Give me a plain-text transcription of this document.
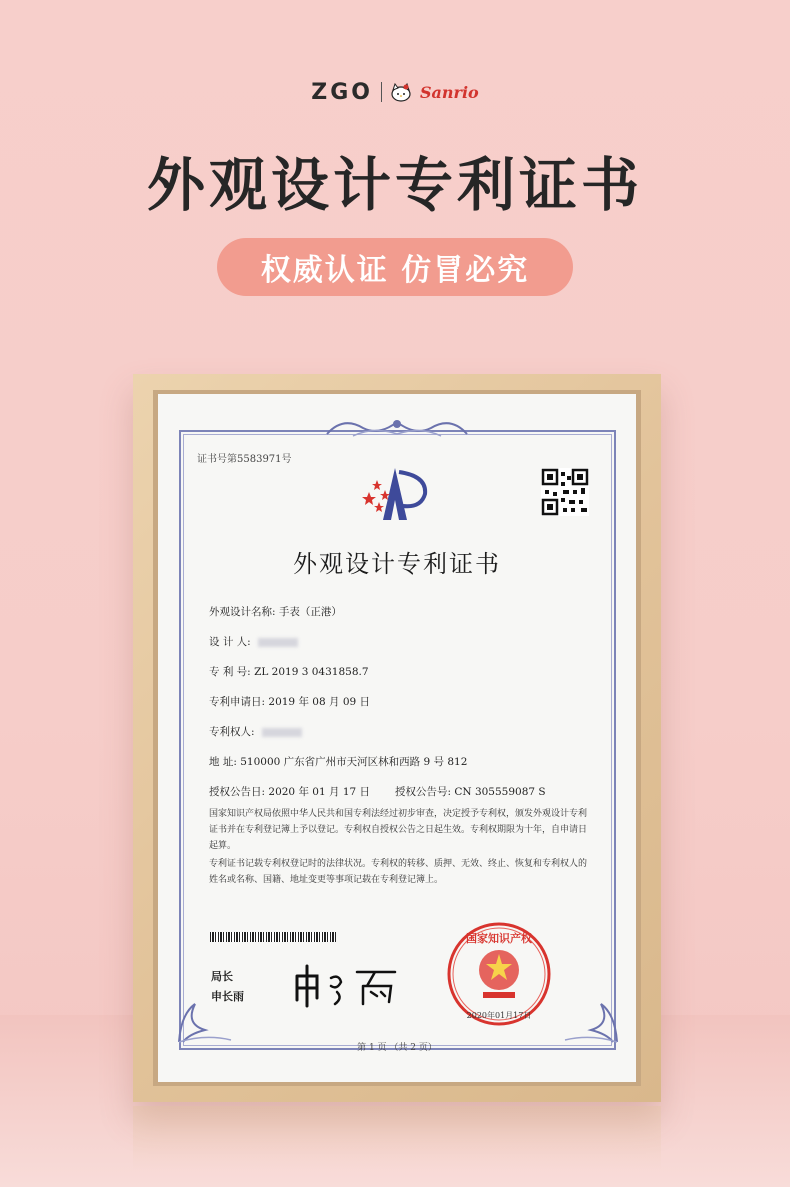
ZGO	Sanrio
外观设计专利证书
权威认证 仿冒必究
证书号第5583971号
外观设计专利证书
外观设计名称: 手表（正港）
设 计 人:
专 利 号: ZL 2019 3 0431858.7
专利申请日: 2019 年 08 月 09 日
专利权人:
地 址: 510000 广东省广州市天河区林和西路 9 号 812
授权公告日: 2020 年 01 月 17 日 授权公告号: CN 305559087 S
国家知识产权局依照中华人民共和国专利法经过初步审查，决定授予专利权，颁发外观设计专利证书并在专利登记簿上予以登记。专利权自授权公告之日起生效。专利权期限为十年，自申请日起算。
专利证书记载专利权登记时的法律状况。专利权的转移、质押、无效、终止、恢复和专利权人的姓名或名称、国籍、地址变更等事项记载在专利登记簿上。
局长
申长雨
国家知识产权
2020年01月17日
第 1 页 （共 2 页）
